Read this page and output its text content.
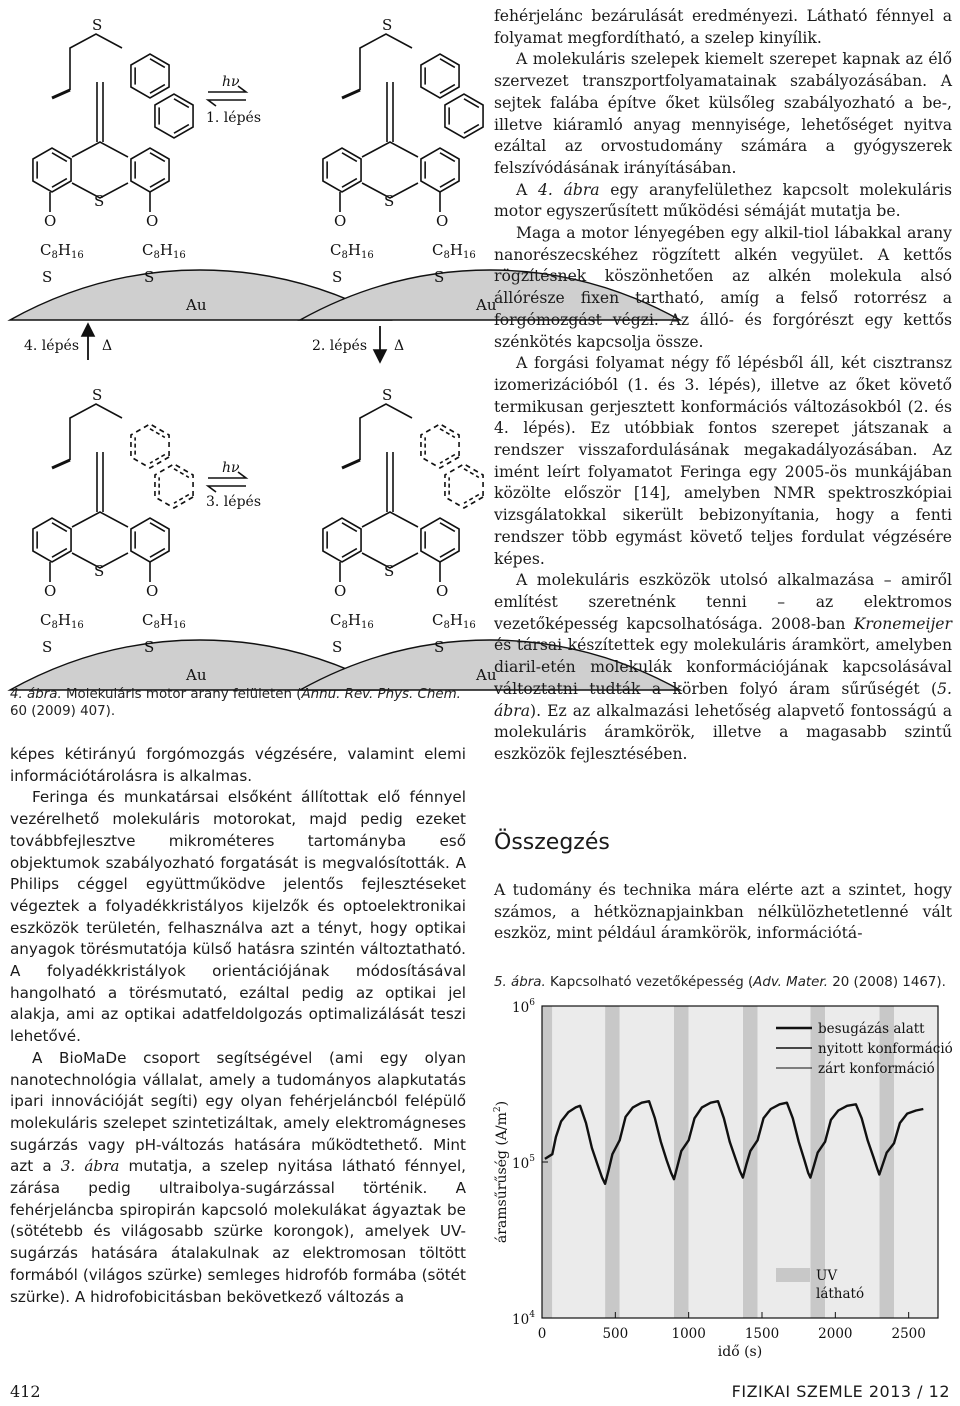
Au
S	S
$C_8H_{16}$	$C_8H_{16}$
O	O
S
S
Au
S	S
$C_8H_{16}$	$C_8H_{16}$
O	O
S
S
Au
S	S
$C_8H_{16}$	$C_8H_{16}$
O	O
S
S
Au
S	S
$C_8H_{16}$	$C_8H_{16}$
O	O
S
S
hν
1. lépés
hν
3. lépés
2. lépés Δ
4. lépés Δ
4. ábra. Molekuláris motor arany felületen (Annu. Rev. Phys. Chem. 60 (2009) 407).

képes kétirányú forgómozgás végzésére, valamint elemi információtárolásra is alkalmas.

Feringa és munkatársai elsőként állítottak elő fénnyel vezérelhető molekuláris motorokat, majd pedig ezeket továbbfejlesztve mikrométeres tartományba eső objektumok szabályozható forgatását is megvalósították. A Philips céggel együttműködve jelentős fejlesztéseket végeztek a folyadékkristályos kijelzők és optoelektronikai eszközök területén, felhasználva azt a tényt, hogy optikai anyagok törésmutatója külső hatásra szintén változtatható. A folyadékkristályok orientációjának módosításával hangolható a törésmutató, ezáltal pedig az optikai jel alakja, ami az optikai adatfeldolgozás optimalizálását teszi lehetővé.

A BioMaDe csoport segítségével (ami egy olyan nanotechnológia vállalat, amely a tudományos alapkutatás ipari innovációját segíti) egy olyan fehérjeláncból felépülő molekuláris szelepet szintetizáltak, amely elektromágneses sugárzás vagy pH-változás hatására működtethető. Mint azt a 3. ábra mutatja, a szelep nyitása látható fénnyel, zárása pedig ultraibolya-sugárzással történik. A fehérjeláncba spiropirán kapcsoló molekulákat ágyaztak be (sötétebb és világosabb szürke korongok), amelyek UV-sugárzás hatására átalakulnak az elektromosan töltött formából (világos szürke) semleges hidrofób formába (sötét szürke). A hidrofobicitásban bekövetkező változás a

fehérjelánc bezárulását eredményezi. Látható fénnyel a folyamat megfordítható, a szelep kinyílik.

A molekuláris szelepek kiemelt szerepet kapnak az élő szervezet transzportfolyamatainak szabályozásában. A sejtek falába építve őket külsőleg szabályozható a be-, illetve kiáramló anyag mennyisége, lehetőséget nyitva ezáltal az orvostudomány számára a gyógyszerek felszívódásának irányításában.

A 4. ábra egy aranyfelülethez kapcsolt molekuláris motor egyszerűsített működési sémáját mutatja be.

Maga a motor lényegében egy alkil-tiol lábakkal arany nanorészecskéhez rögzített alkén vegyület. A kettős rögzítésnek köszönhetően az alkén molekula alsó állórésze fixen tartható, amíg a felső rotorrész a forgómozgást végzi. Az álló- és forgórészt egy kettős szénkötés kapcsolja össze.

A forgási folyamat négy fő lépésből áll, két cisztransz izomerizációból (1. és 3. lépés), illetve az őket követő termikusan gerjesztett konformációs változásokból (2. és 4. lépés). Ez utóbbiak fontos szerepet játszanak a rendszer visszafordulásának megakadályozásában. Az imént leírt folyamatot Feringa egy 2005-ös munkájában közölte először [14], amelyben NMR spektroszkópiai vizsgálatokkal sikerült bebizonyítania, hogy a fenti rendszer több egymást követő teljes fordulat végzésére képes.

A molekuláris eszközök utolsó alkalmazása – amiről említést szeretnénk tenni – az elektromos vezetőképesség kapcsolhatósága. 2008-ban Kronemeijer és társai készítettek egy molekuláris áramkört, amelyben diaril-etén molekulák konformációjának kapcsolásával változtatni tudták a körben folyó áram sűrűségét (5. ábra). Ez az alkalmazási lehetőség alapvető fontosságú a molekuláris áramkörök, illetve a magasabb szintű eszközök fejlesztésében.

Összegzés

A tudomány és technika mára elérte azt a szintet, hogy számos, a hétköznapjainkban nélkülözhetetlenné vált eszköz, mint például áramkörök, információtá-

5. ábra. Kapcsolható vezetőképesség (Adv. Mater. 20 (2008) 1467).
0	500	1000	1500	2000	2500
$10^4$
$10^5$
$10^6$
idő (s)
áramsűrűség $(A/m^2)$
besugázás alatt
nyitott konformáció
zárt konformáció
UV
látható
412	FIZIKAI SZEMLE 2013 / 12
